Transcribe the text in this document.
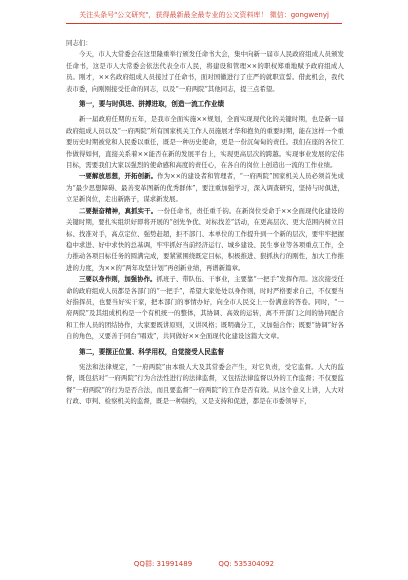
关注头条号"公文研究"，获得最新最全最专业的公文资料库！ 微信：gongwenyj

同志们：

今天，市人大常委会在这里隆重举行颁发任命书大会，集中向新一届市人民政府组成人员颁发任命书，这是市人大常委会依法代表全市人民，将建设和管理××的职权郑重地赋予政府组成人员。刚才，××名政府组成人员接过了任命书，面对国徽进行了庄严的就职宣誓。借此机会，我代表市委，向刚刚接受任命的同志，以及“一府两院”其他同志，提三点希望。

第一，要与时俱进、拼搏进取，创造一流工作业绩

新一届政府任期的五年，是我市全面实施××规划，全面实现现代化的关键时期，也是新一届政府组成人员以及“一府两院”所有国家机关工作人员施展才华和抱负的重要时期，能在这样一个重要历史时期被党和人民委以重任，既是一种历史使命，更是一份沉甸甸的责任。我们在座的各位工作做得如何，直接关系着××能否在新的发展平台上，实现更高层次的跨越。实现事业发展的宏伟目标，需要我们大家以强烈的使命感和高度的责任心，在各自的岗位上创造出一流的工作业绩。

一要解放思想，开拓创新。作为××的建设者和管理者，“一府两院”国家机关人员必须首先成为“最少思想障碍、最善变革图新的优秀群体”，要注重加强学习，深入调查研究，坚持与时俱进，立足新岗位，走出新路子，谋求新发展。

二要振奋精神，真抓实干。一份任命书，责任重千钧。在新岗位受命于××全面现代化建设的关键时期，要扎实组织好即将开展的“创先争优、对标找差”活动，在更高层次、更大范围内树立目标、找准对手，高点定位、强势赶超，拒不部门、本单位的工作提升到一个新的层次，要牢牢把握稳中求进、好中求快的总基调，牢牢抓好当前经济运行、城乡建设、民生事业等各项重点工作，全力推动各项目标任务的圆满完成，要紧紧围绕既定目标，积极推进、狠抓执行的刚性，加大工作推进的力度，为××的“两年攻坚计划”再创新业绩，再谱新篇章。

三要以身作则，加强协作。抓班子、带队伍、干事业，主要靠“一把手”发挥作用。这次接受任命的政府组成人员都是各部门的“一把手”，希望大家处处以身作则，时时严格要求自己，不仅要当好指挥员，也要当好实干家，把本部门的事情办好，向全市人民交上一份满意的答卷。同时，“一府两院”及其组成机构是一个有机统一的整体，其协调、高效的运转，离不开部门之间的协同配合和工作人员的团结协作，大家要既讲原则，又讲风格；既明确分工，又加强合作；既要“协调”好各自的角色，又要善于同台“唱戏”，共同做好××全面现代化建设这篇大文章。

第二，要摆正位置、科学用权，自觉接受人民监督

宪法和法律规定，“一府两院”由本级人大及其常委会产生，对它负责，受它监督。人大的监督，既包括对“一府两院”行为合法性进行的法律监督，又包括法律监督以外的工作监督；不仅要监督“一府两院”的行为是否合法，而且要监督“一府两院”的工作是否有效。从这个意义上讲，人大对行政、审判、检察机关的监督，既是一种制约，又是支持和促进，都是在市委领导下，

QQ群: 31991489	QQ: 535304092
